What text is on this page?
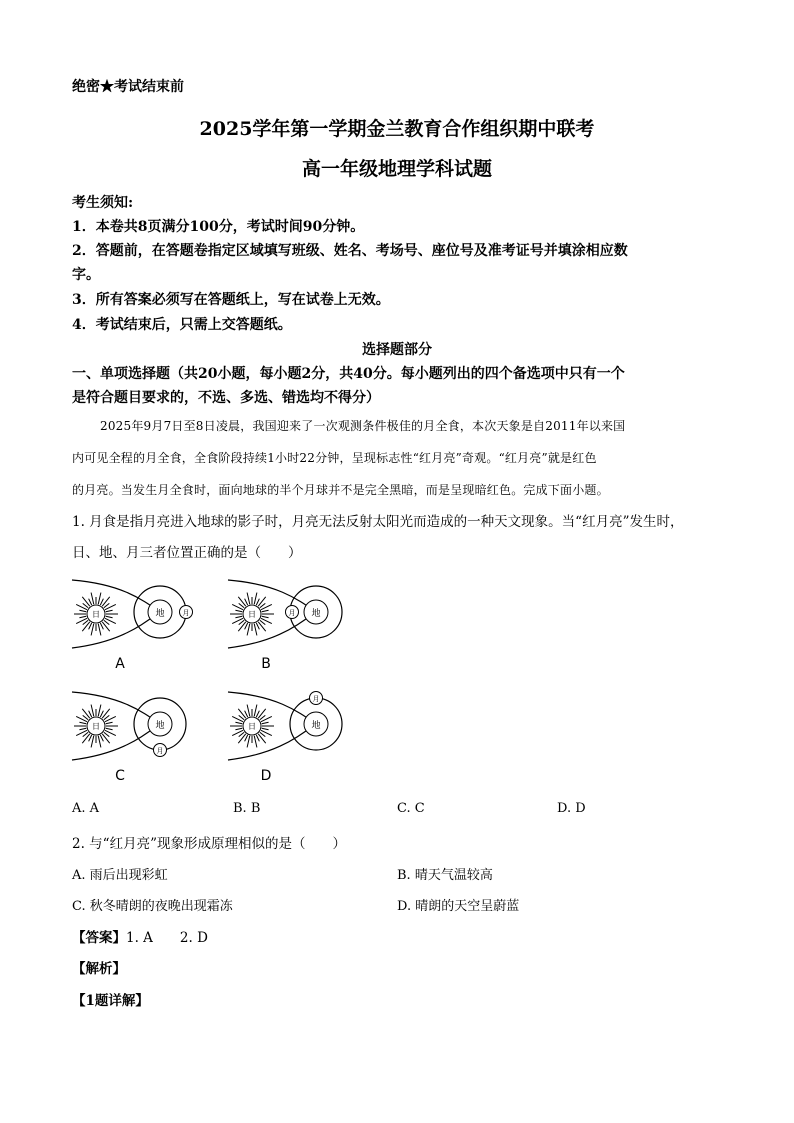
绝密★考试结束前
2025学年第一学期金兰教育合作组织期中联考
高一年级地理学科试题
考生须知:
1．本卷共8页满分100分，考试时间90分钟。
2．答题前，在答题卷指定区域填写班级、姓名、考场号、座位号及准考证号并填涂相应数
字。
3．所有答案必须写在答题纸上，写在试卷上无效。
4．考试结束后，只需上交答题纸。
选择题部分
一、单项选择题（共20小题，每小题2分，共40分。每小题列出的四个备选项中只有一个
是符合题目要求的，不选、多选、错选均不得分）
2025年9月7日至8日凌晨，我国迎来了一次观测条件极佳的月全食，本次天象是自2011年以来国
内可见全程的月全食，全食阶段持续1小时22分钟，呈现标志性“红月亮”奇观。“红月亮”就是红色
的月亮。当发生月全食时，面向地球的半个月球并不是完全黑暗，而是呈现暗红色。完成下面小题。
1. 月食是指月亮进入地球的影子时，月亮无法反射太阳光而造成的一种天文现象。当“红月亮”发生时，
日、地、月三者位置正确的是（　　）
日	地	月
A
日	地
月
B
日	地
月
C
日	地
月
D
A. A	B. B	C. C	D. D
2. 与“红月亮”现象形成原理相似的是（　　）
A. 雨后出现彩虹	B. 晴天气温较高
C. 秋冬晴朗的夜晚出现霜冻	D. 晴朗的天空呈蔚蓝
【答案】1. A　　2. D
【解析】
【1题详解】
